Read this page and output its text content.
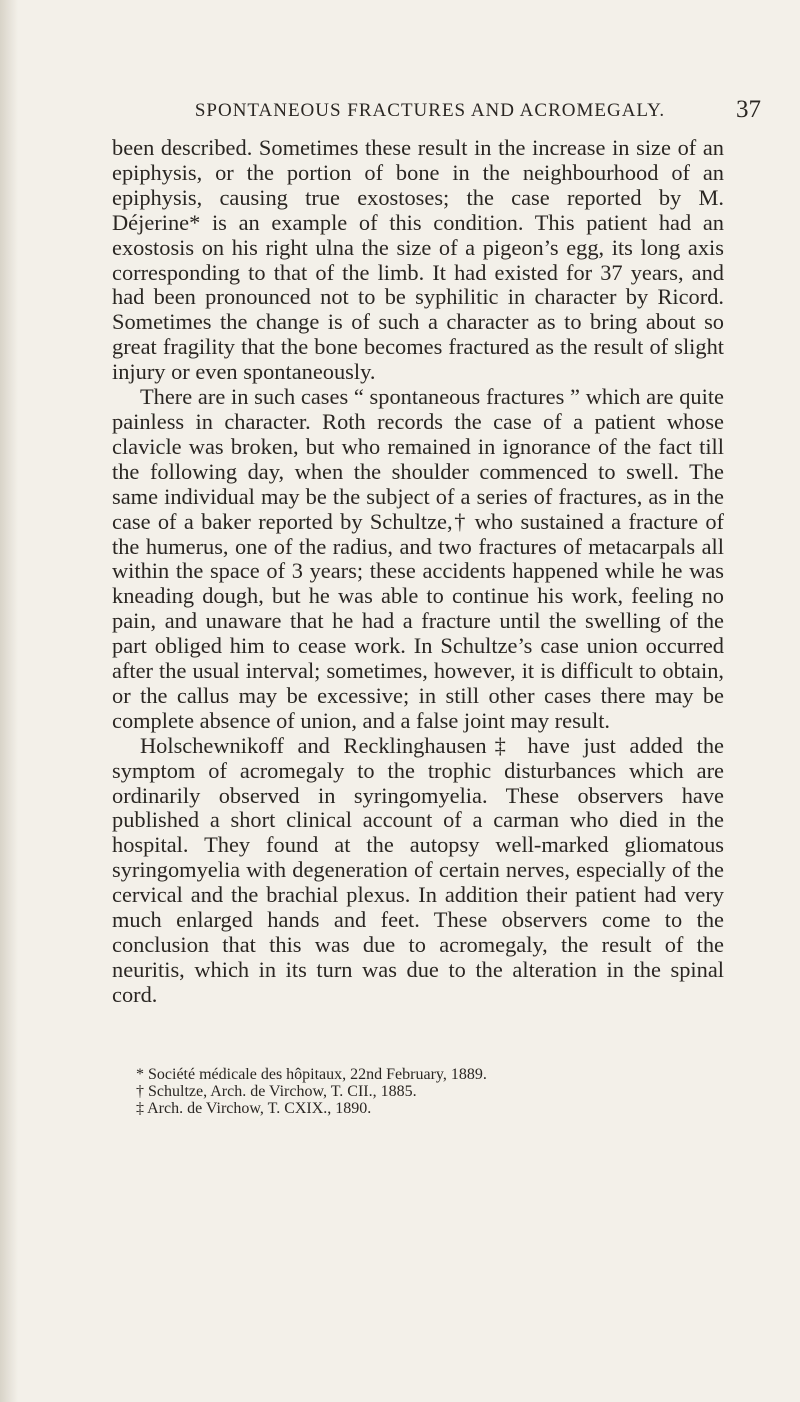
SPONTANEOUS FRACTURES AND ACROMEGALY.	37

been described. Sometimes these result in the increase in size of an epiphysis, or the portion of bone in the neighbourhood of an epiphysis, causing true exostoses; the case reported by M. Déjerine* is an example of this condition. This patient had an exostosis on his right ulna the size of a pigeon’s egg, its long axis corresponding to that of the limb. It had existed for 37 years, and had been pronounced not to be syphilitic in character by Ricord. Sometimes the change is of such a character as to bring about so great fragility that the bone becomes fractured as the result of slight injury or even spontaneously.

There are in such cases “ spontaneous fractures ” which are quite painless in character. Roth records the case of a patient whose clavicle was broken, but who remained in ignorance of the fact till the following day, when the shoulder commenced to swell. The same individual may be the subject of a series of fractures, as in the case of a baker reported by Schultze,† who sustained a fracture of the humerus, one of the radius, and two fractures of metacarpals all within the space of 3 years; these accidents happened while he was kneading dough, but he was able to continue his work, feeling no pain, and unaware that he had a fracture until the swelling of the part obliged him to cease work. In Schultze’s case union occurred after the usual interval; sometimes, however, it is difficult to obtain, or the callus may be excessive; in still other cases there may be complete absence of union, and a false joint may result.

Holschewnikoff and Recklinghausen‡ have just added the symptom of acromegaly to the trophic disturbances which are ordinarily observed in syringomyelia. These observers have published a short clinical account of a carman who died in the hospital. They found at the autopsy well-marked gliomatous syringomyelia with degeneration of certain nerves, especially of the cervical and the brachial plexus. In addition their patient had very much enlarged hands and feet. These observers come to the conclusion that this was due to acromegaly, the result of the neuritis, which in its turn was due to the alteration in the spinal cord.

* Société médicale des hôpitaux, 22nd February, 1889.
† Schultze, Arch. de Virchow, T. CII., 1885.
‡ Arch. de Virchow, T. CXIX., 1890.
